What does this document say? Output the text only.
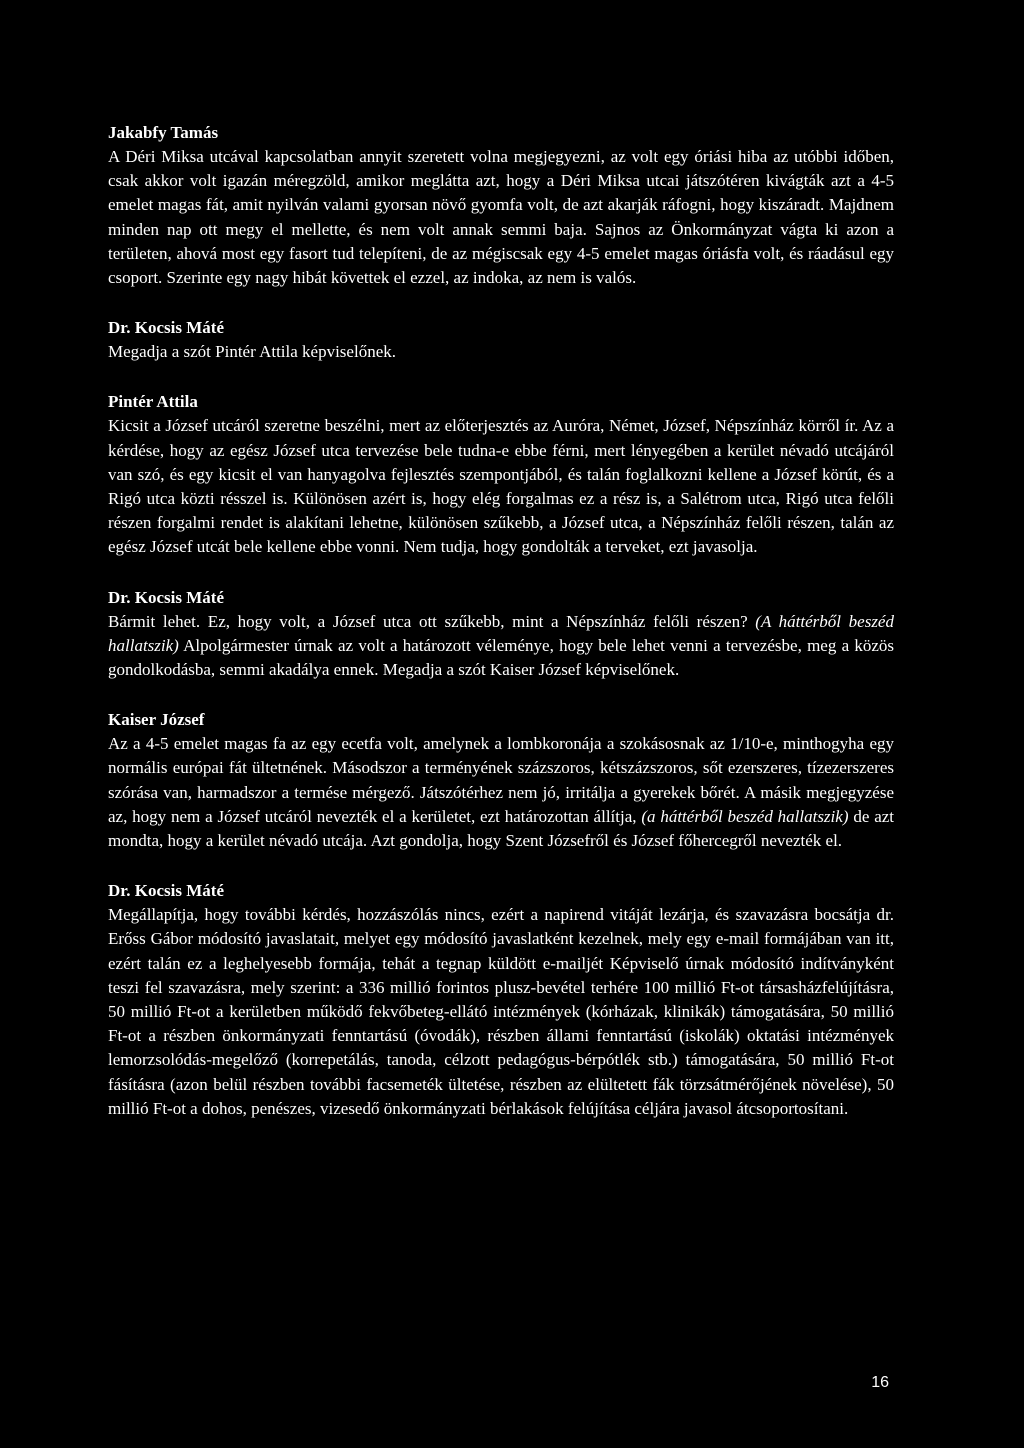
Jakabfy Tamás

A Déri Miksa utcával kapcsolatban annyit szeretett volna megjegyezni, az volt egy óriási hiba az utóbbi időben, csak akkor volt igazán méregzöld, amikor meglátta azt, hogy a Déri Miksa utcai játszótéren kivágták azt a 4-5 emelet magas fát, amit nyilván valami gyorsan növő gyomfa volt, de azt akarják ráfogni, hogy kiszáradt. Majdnem minden nap ott megy el mellette, és nem volt annak semmi baja. Sajnos az Önkormányzat vágta ki azon a területen, ahová most egy fasort tud telepíteni, de az mégiscsak egy 4-5 emelet magas óriásfa volt, és ráadásul egy csoport. Szerinte egy nagy hibát követtek el ezzel, az indoka, az nem is valós.

Dr. Kocsis Máté

Megadja a szót Pintér Attila képviselőnek.

Pintér Attila

Kicsit a József utcáról szeretne beszélni, mert az előterjesztés az Auróra, Német, József, Népszínház körről ír. Az a kérdése, hogy az egész József utca tervezése bele tudna-e ebbe férni, mert lényegében a kerület névadó utcájáról van szó, és egy kicsit el van hanyagolva fejlesztés szempontjából, és talán foglalkozni kellene a József körút, és a Rigó utca közti résszel is. Különösen azért is, hogy elég forgalmas ez a rész is, a Salétrom utca, Rigó utca felőli részen forgalmi rendet is alakítani lehetne, különösen szűkebb, a József utca, a Népszínház felőli részen, talán az egész József utcát bele kellene ebbe vonni. Nem tudja, hogy gondolták a terveket, ezt javasolja.

Dr. Kocsis Máté

Bármit lehet. Ez, hogy volt, a József utca ott szűkebb, mint a Népszínház felőli részen? (A háttérből beszéd hallatszik) Alpolgármester úrnak az volt a határozott véleménye, hogy bele lehet venni a tervezésbe, meg a közös gondolkodásba, semmi akadálya ennek. Megadja a szót Kaiser József képviselőnek.

Kaiser József

Az a 4-5 emelet magas fa az egy ecetfa volt, amelynek a lombkoronája a szokásosnak az 1/10-e, minthogyha egy normális európai fát ültetnének. Másodszor a terményének százszoros, kétszázszoros, sőt ezerszeres, tízezerszeres szórása van, harmadszor a termése mérgező. Játszótérhez nem jó, irritálja a gyerekek bőrét. A másik megjegyzése az, hogy nem a József utcáról nevezték el a kerületet, ezt határozottan állítja, (a háttérből beszéd hallatszik) de azt mondta, hogy a kerület névadó utcája. Azt gondolja, hogy Szent Józsefről és József főhercegről nevezték el.

Dr. Kocsis Máté

Megállapítja, hogy további kérdés, hozzászólás nincs, ezért a napirend vitáját lezárja, és szavazásra bocsátja dr. Erőss Gábor módosító javaslatait, melyet egy módosító javaslatként kezelnek, mely egy e-mail formájában van itt, ezért talán ez a leghelyesebb formája, tehát a tegnap küldött e-mailjét Képviselő úrnak módosító indítványként teszi fel szavazásra, mely szerint: a 336 millió forintos plusz-bevétel terhére 100 millió Ft-ot társasházfelújításra, 50 millió Ft-ot a kerületben működő fekvőbeteg-ellátó intézmények (kórházak, klinikák) támogatására, 50 millió Ft-ot a részben önkormányzati fenntartású (óvodák), részben állami fenntartású (iskolák) oktatási intézmények lemorzsolódás-megelőző (korrepetálás, tanoda, célzott pedagógus-bérpótlék stb.) támogatására, 50 millió Ft-ot fásításra (azon belül részben további facsemeték ültetése, részben az elültetett fák törzsátmérőjének növelése), 50 millió Ft-ot a dohos, penészes, vizesedő önkormányzati bérlakások felújítása céljára javasol átcsoportosítani.

16
